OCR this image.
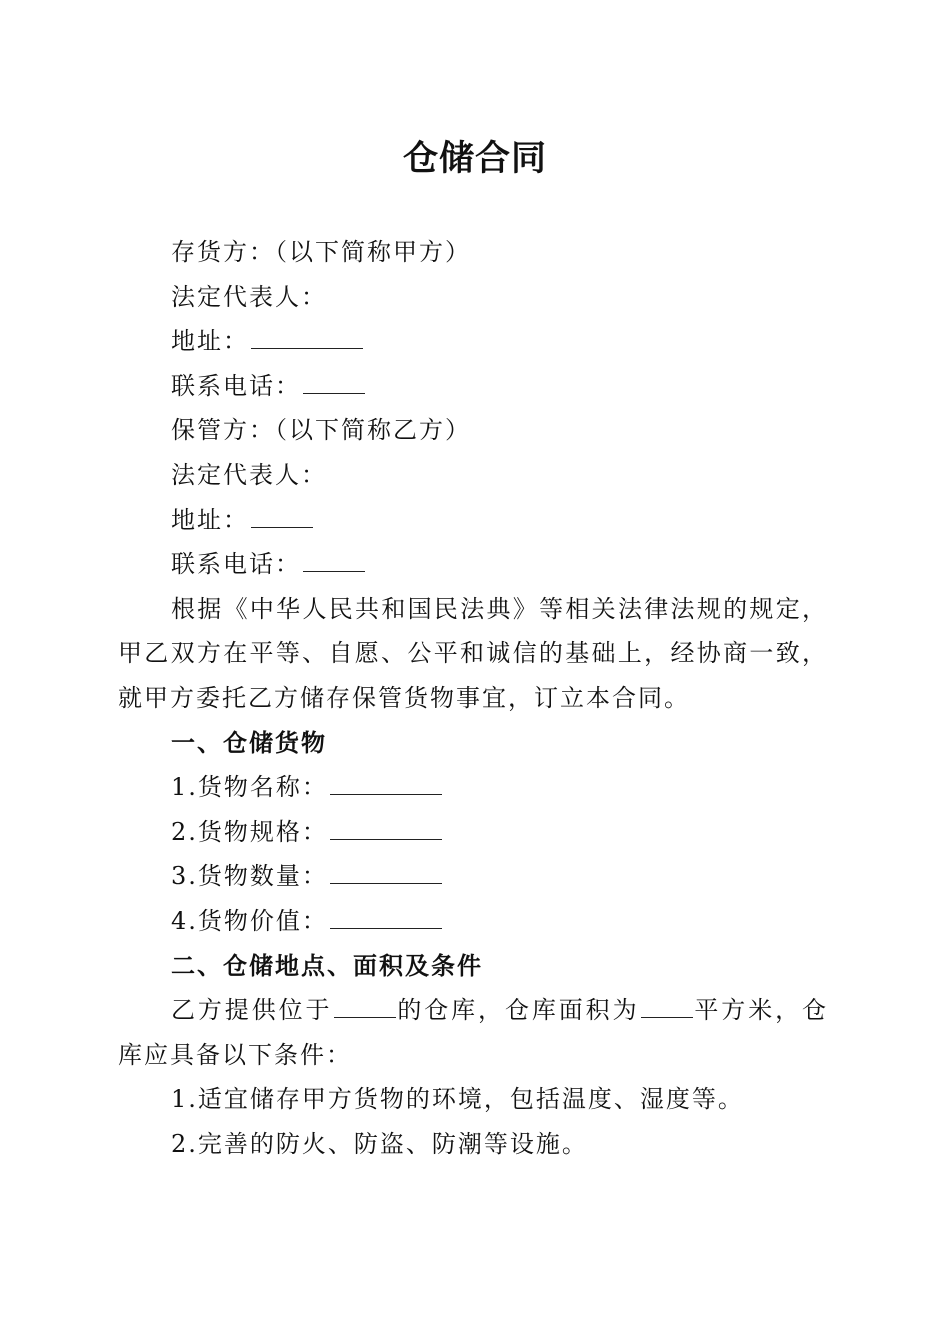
仓储合同

存货方：（以下简称甲方）

法定代表人：

地址：

联系电话：

保管方：（以下简称乙方）

法定代表人：

地址：

联系电话：

根据《中华人民共和国民法典》等相关法律法规的规定，甲乙双方在平等、自愿、公平和诚信的基础上，经协商一致，就甲方委托乙方储存保管货物事宜，订立本合同。

一、仓储货物

1.货物名称：

2.货物规格：

3.货物数量：

4.货物价值：

二、仓储地点、面积及条件

乙方提供位于	的仓库，仓库面积为 平方米，仓库应具备以下条件：

1.适宜储存甲方货物的环境，包括温度、湿度等。

2.完善的防火、防盗、防潮等设施。
